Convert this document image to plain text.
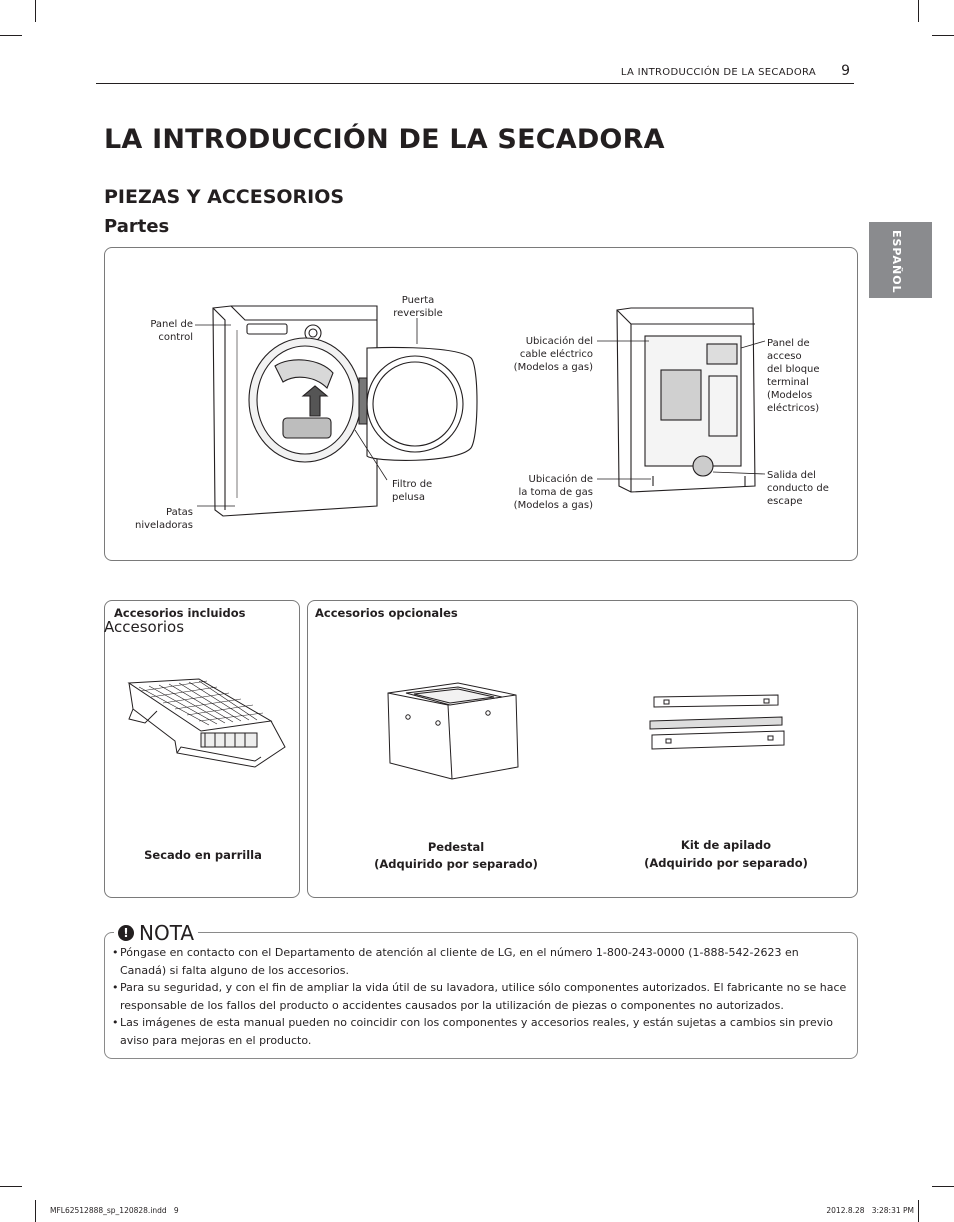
LA INTRODUCCIÓN DE LA SECADORA 9
ESPAÑOL
LA INTRODUCCIÓN DE LA SECADORA
PIEZAS Y ACCESORIOS
Partes
Panel de
control
Puerta
reversible
Filtro de
pelusa
Patas
niveladoras
Ubicación del
cable eléctrico
(Modelos a gas)
Ubicación de
la toma de gas
(Modelos a gas)
Panel de
acceso
del bloque
terminal
(Modelos
eléctricos)
Salida del
conducto de
escape
Accesorios incluidos
Secado en parrilla
Accesorios
Accesorios opcionales
Pedestal
(Adquirido por separado)
Kit de apilado
(Adquirido por separado)
! NOTA
• Póngase en contacto con el Departamento de atención al cliente de LG, en el número 1-800-243-0000 (1-888-542-2623 en Canadá) si falta alguno de los accesorios.
• Para su seguridad, y con el fin de ampliar la vida útil de su lavadora, utilice sólo componentes autorizados. El fabricante no se hace responsable de los fallos del producto o accidentes causados por la utilización de piezas o componentes no autorizados.
• Las imágenes de esta manual pueden no coincidir con los componentes y accesorios reales, y están sujetas a cambios sin previo aviso para mejoras en el producto.
MFL62512888_sp_120828.indd   9	2012.8.28   3:28:31 PM
